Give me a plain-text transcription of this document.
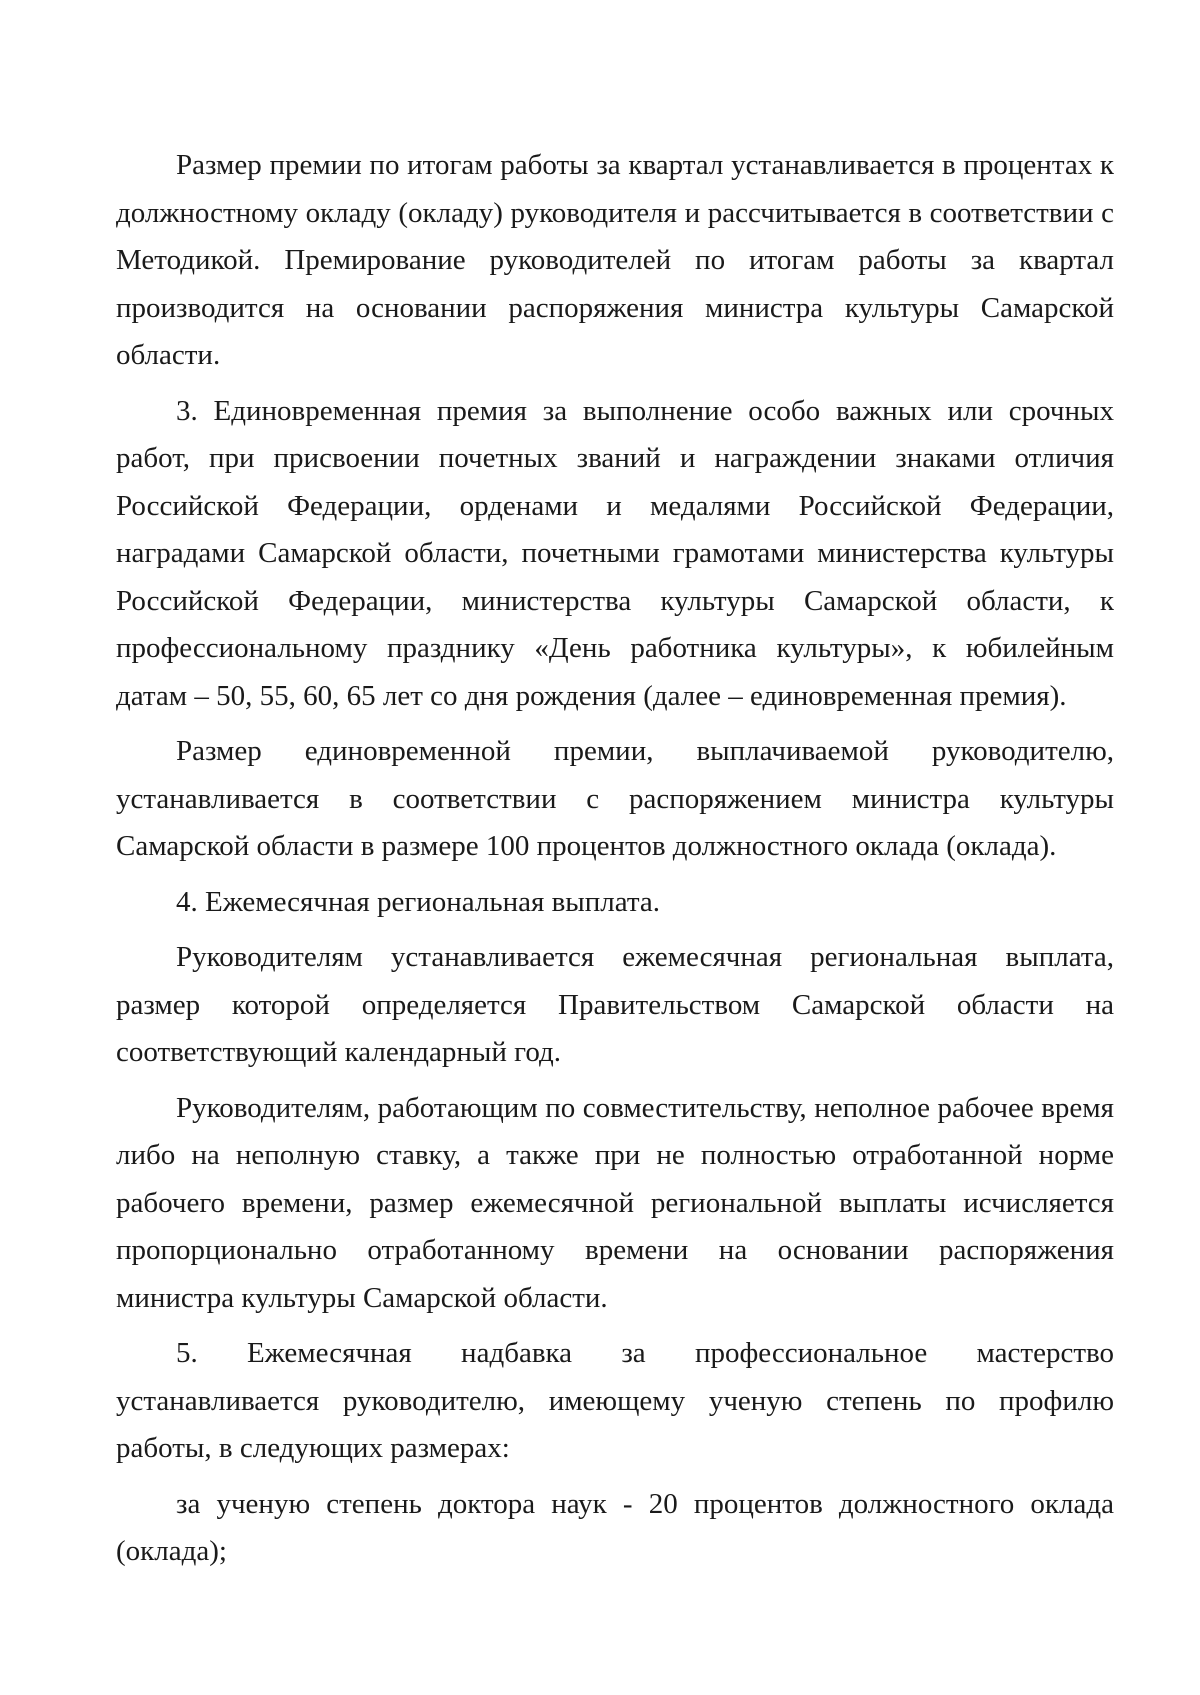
Размер премии по итогам работы за квартал устанавливается в процентах к должностному окладу (окладу) руководителя и рассчитывается в соответствии с Методикой. Премирование руководителей по итогам работы за квартал производится на основании распоряжения министра культуры Самарской области.

3. Единовременная премия за выполнение особо важных или срочных работ, при присвоении почетных званий и награждении знаками отличия Российской Федерации, орденами и медалями Российской Федерации, наградами Самарской области, почетными грамотами министерства культуры Российской Федерации, министерства культуры Самарской области, к профессиональному празднику «День работника культуры», к юбилейным датам – 50, 55, 60, 65 лет со дня рождения (далее – единовременная премия).

Размер единовременной премии, выплачиваемой руководителю, устанавливается в соответствии с распоряжением министра культуры Самарской области в размере 100 процентов должностного оклада (оклада).

4. Ежемесячная региональная выплата.

Руководителям устанавливается ежемесячная региональная выплата, размер которой определяется Правительством Самарской области на соответствующий календарный год.

Руководителям, работающим по совместительству, неполное рабочее время либо на неполную ставку, а также при не полностью отработанной норме рабочего времени, размер ежемесячной региональной выплаты исчисляется пропорционально отработанному времени на основании распоряжения министра культуры Самарской области.

5. Ежемесячная надбавка за профессиональное мастерство устанавливается руководителю, имеющему ученую степень по профилю работы, в следующих размерах:

за ученую степень доктора наук - 20 процентов должностного оклада (оклада);
